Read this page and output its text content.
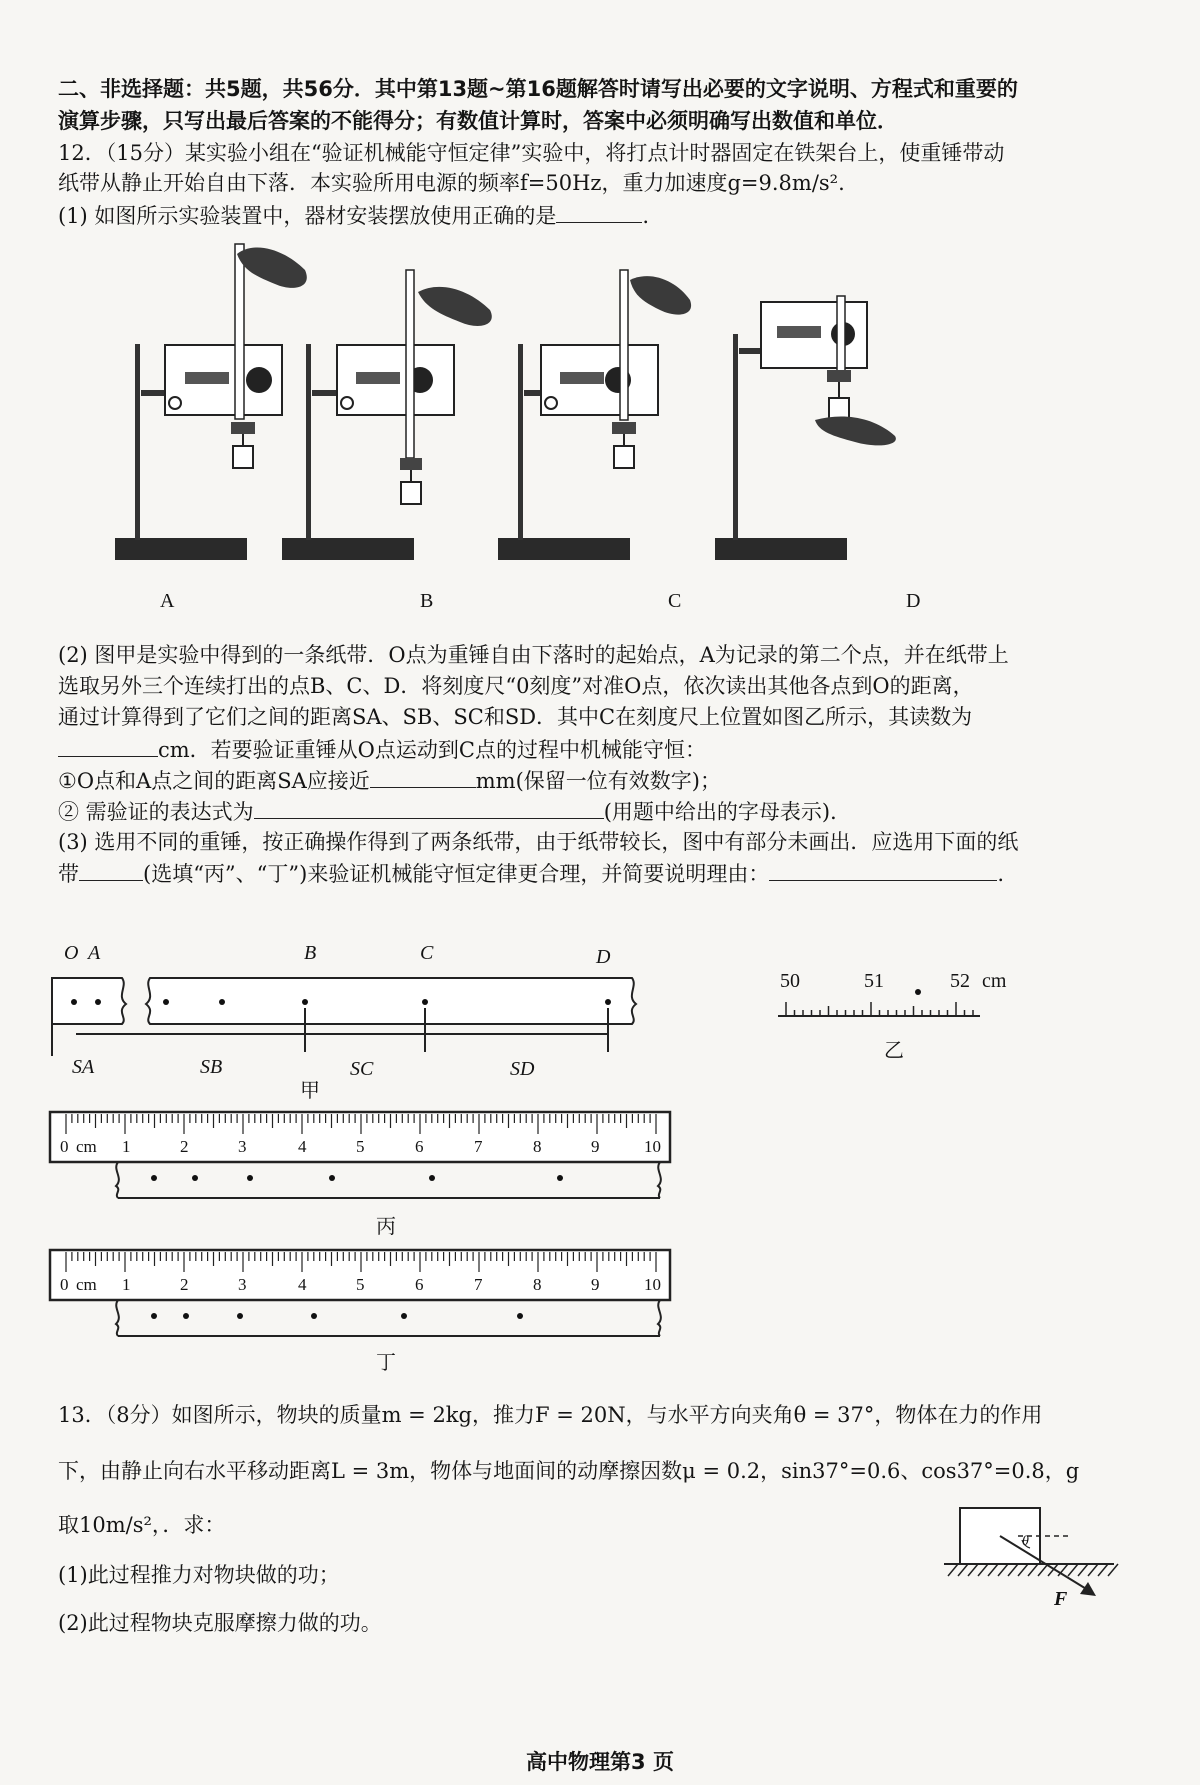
二、非选择题：共5题，共56分．其中第13题~第16题解答时请写出必要的文字说明、方程式和重要的
演算步骤，只写出最后答案的不能得分；有数值计算时，答案中必须明确写出数值和单位．
12．（15分）某实验小组在“验证机械能守恒定律”实验中，将打点计时器固定在铁架台上，使重锤带动
纸带从静止开始自由下落．本实验所用电源的频率f=50Hz，重力加速度g=9.8m/s².
(1) 如图所示实验装置中，器材安装摆放使用正确的是	.
A	B	C	D
(2) 图甲是实验中得到的一条纸带．O点为重锤自由下落时的起始点，A为记录的第二个点，并在纸带上
选取另外三个连续打出的点B、C、D．将刻度尺“0刻度”对准O点，依次读出其他各点到O的距离，
通过计算得到了它们之间的距离SA、SB、SC和SD．其中C在刻度尺上位置如图乙所示，其读数为
cm．若要验证重锤从O点运动到C点的过程中机械能守恒：
①O点和A点之间的距离SA应接近	mm(保留一位有效数字)；
② 需验证的表达式为	(用题中给出的字母表示)．
(3) 选用不同的重锤，按正确操作得到了两条纸带，由于纸带较长，图中有部分未画出．应选用下面的纸
带	(选填“丙”、“丁”)来验证机械能守恒定律更合理，并简要说明理由：	.
O A	B	C	D
SA	SB	SC	SD
甲
50	51	52 cm
乙
0 cm 1	2	3	4	5	6	7	8	9	10
丙
0 cm 1	2	3	4	5	6	7	8	9	10
丁
13．（8分）如图所示，物块的质量m = 2kg，推力F = 20N，与水平方向夹角θ = 37°，物体在力的作用
下，由静止向右水平移动距离L = 3m，物体与地面间的动摩擦因数μ = 0.2，sin37°=0.6、cos37°=0.8，g
取10m/s²，．求：
(1)此过程推力对物块做的功；
(2)此过程物块克服摩擦力做的功。
F
θ
高中物理第3 页
